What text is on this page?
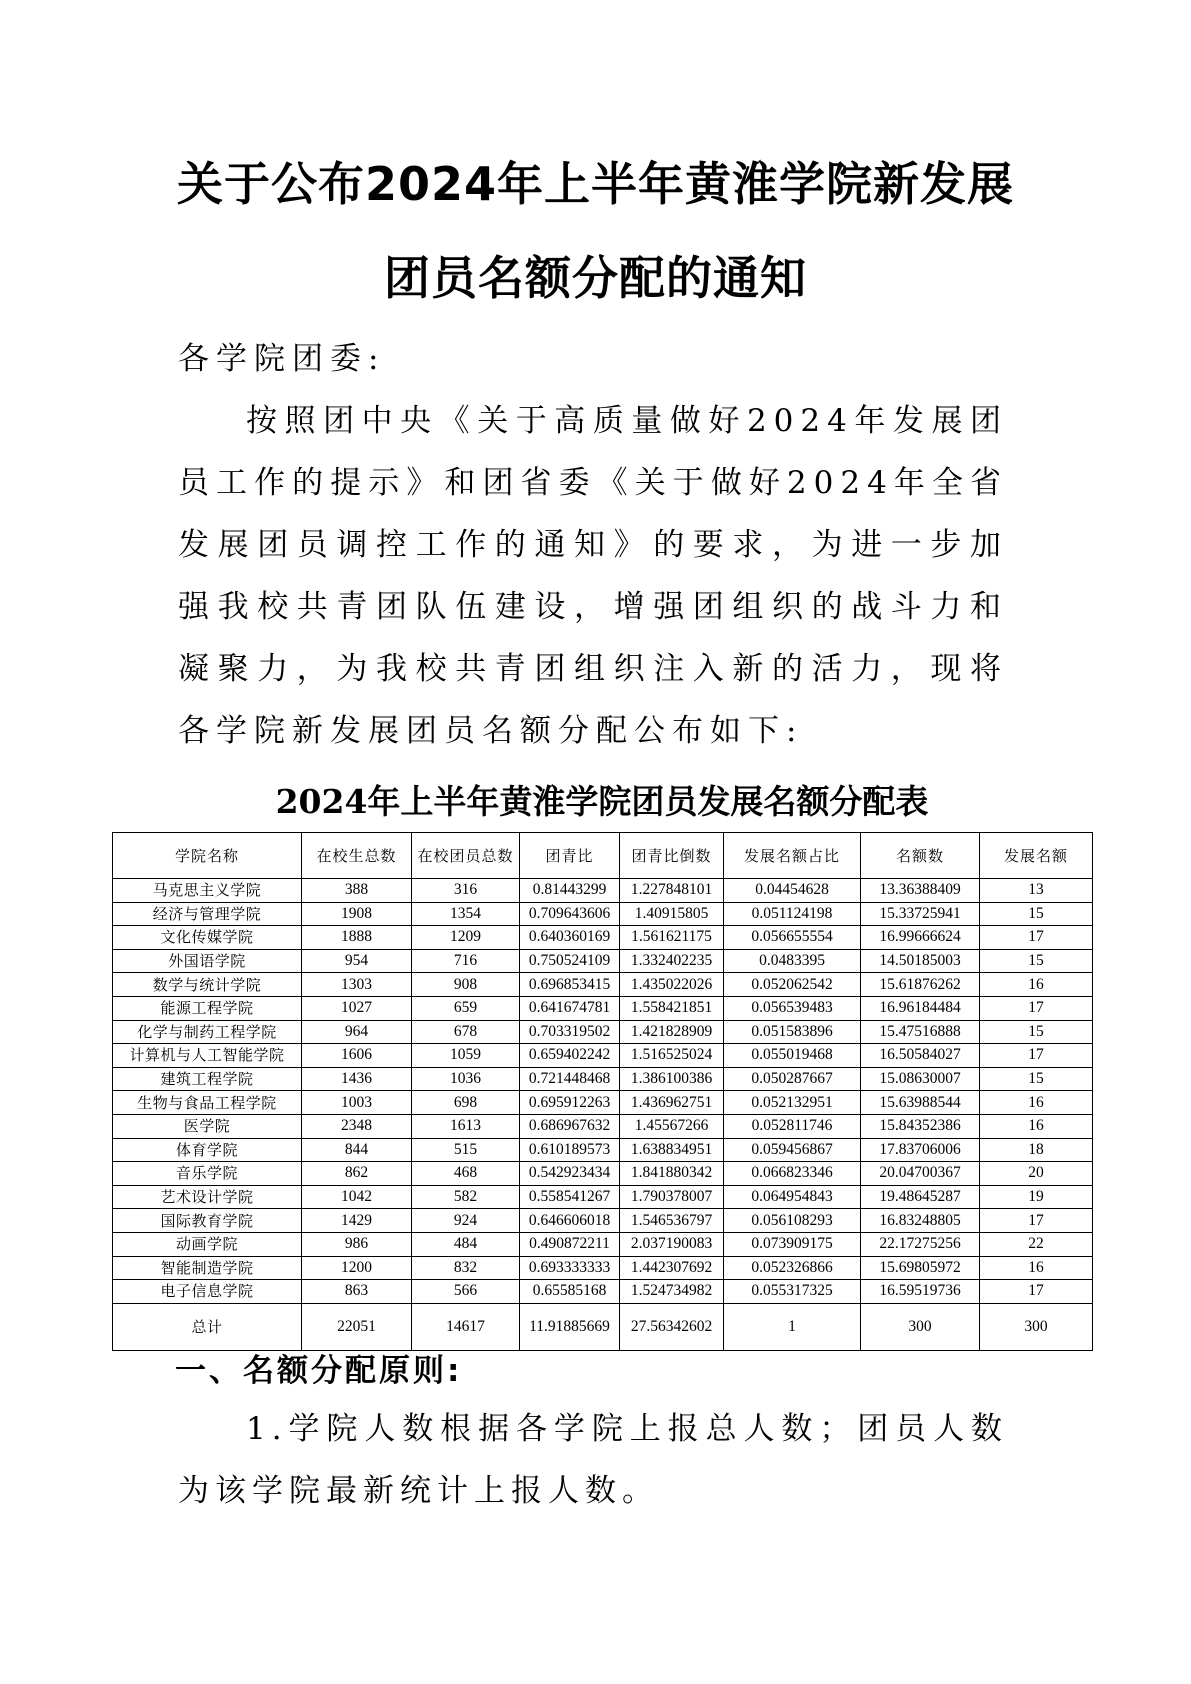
关于公布2024年上半年黄淮学院新发展
团员名额分配的通知

各学院团委:

按照团中央《关于高质量做好2024年发展团员工作的提示》和团省委《关于做好2024年全省发展团员调控工作的通知》的要求，为进一步加强我校共青团队伍建设，增强团组织的战斗力和凝聚力，为我校共青团组织注入新的活力，现将各学院新发展团员名额分配公布如下:

2024年上半年黄淮学院团员发展名额分配表
学院名称	在校生总数	在校团员总数	团青比	团青比倒数	发展名额占比	名额数	发展名额
马克思主义学院	388	316	0.81443299	1.227848101	0.04454628	13.36388409	13
经济与管理学院	1908	1354	0.709643606	1.40915805	0.051124198	15.33725941	15
文化传媒学院	1888	1209	0.640360169	1.561621175	0.056655554	16.99666624	17
外国语学院	954	716	0.750524109	1.332402235	0.0483395	14.50185003	15
数学与统计学院	1303	908	0.696853415	1.435022026	0.052062542	15.61876262	16
能源工程学院	1027	659	0.641674781	1.558421851	0.056539483	16.96184484	17
化学与制药工程学院	964	678	0.703319502	1.421828909	0.051583896	15.47516888	15
计算机与人工智能学院	1606	1059	0.659402242	1.516525024	0.055019468	16.50584027	17
建筑工程学院	1436	1036	0.721448468	1.386100386	0.050287667	15.08630007	15
生物与食品工程学院	1003	698	0.695912263	1.436962751	0.052132951	15.63988544	16
医学院	2348	1613	0.686967632	1.45567266	0.052811746	15.84352386	16
体育学院	844	515	0.610189573	1.638834951	0.059456867	17.83706006	18
音乐学院	862	468	0.542923434	1.841880342	0.066823346	20.04700367	20
艺术设计学院	1042	582	0.558541267	1.790378007	0.064954843	19.48645287	19
国际教育学院	1429	924	0.646606018	1.546536797	0.056108293	16.83248805	17
动画学院	986	484	0.490872211	2.037190083	0.073909175	22.17275256	22
智能制造学院	1200	832	0.693333333	1.442307692	0.052326866	15.69805972	16
电子信息学院	863	566	0.65585168	1.524734982	0.055317325	16.59519736	17
总计	22051	14617	11.91885669	27.56342602	1	300	300
一、名额分配原则:

1.学院人数根据各学院上报总人数；团员人数为该学院最新统计上报人数。
